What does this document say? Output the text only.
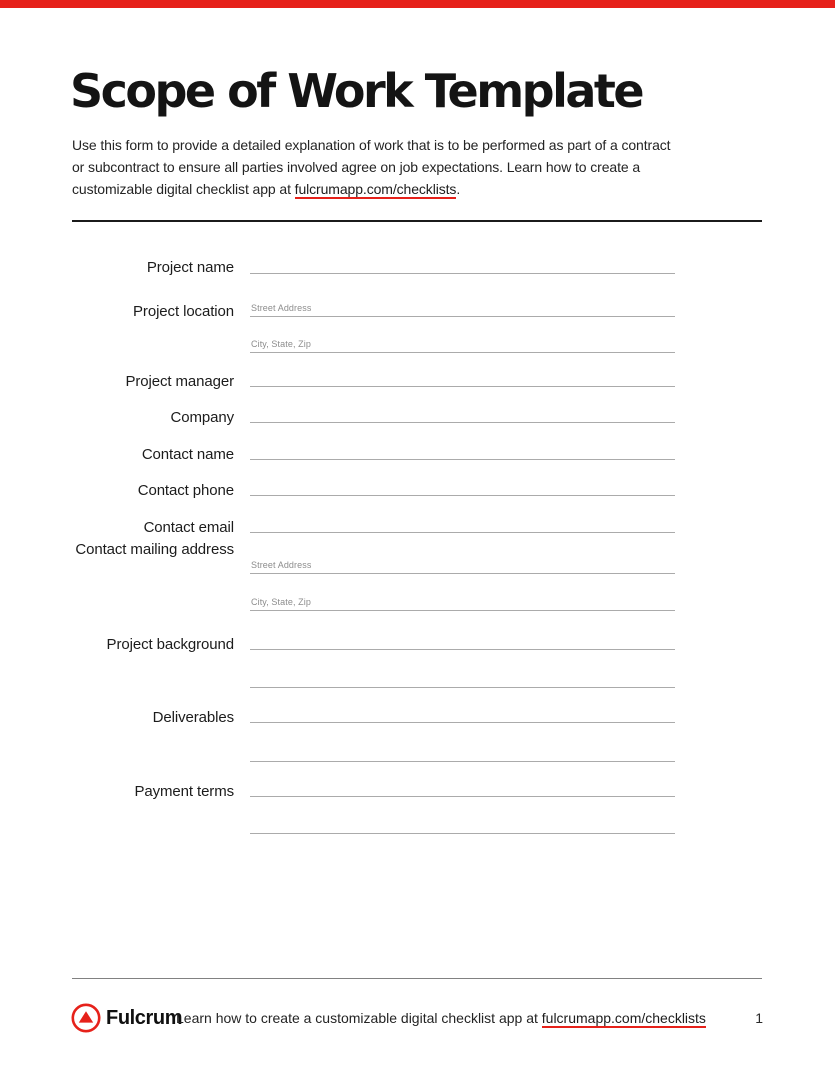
Scope of Work Template
Use this form to provide a detailed explanation of work that is to be performed as part of a contract
or subcontract to ensure all parties involved agree on job expectations. Learn how to create a
customizable digital checklist app at fulcrumapp.com/checklists.
Project name
Project location Street Address
City, State, Zip
Project manager
Company
Contact name
Contact phone
Contact email
Contact mailing address
Street Address
City, State, Zip
Project background
Deliverables
Payment terms
Fulcrum
Learn how to create a customizable digital checklist app at fulcrumapp.com/checklists	1
